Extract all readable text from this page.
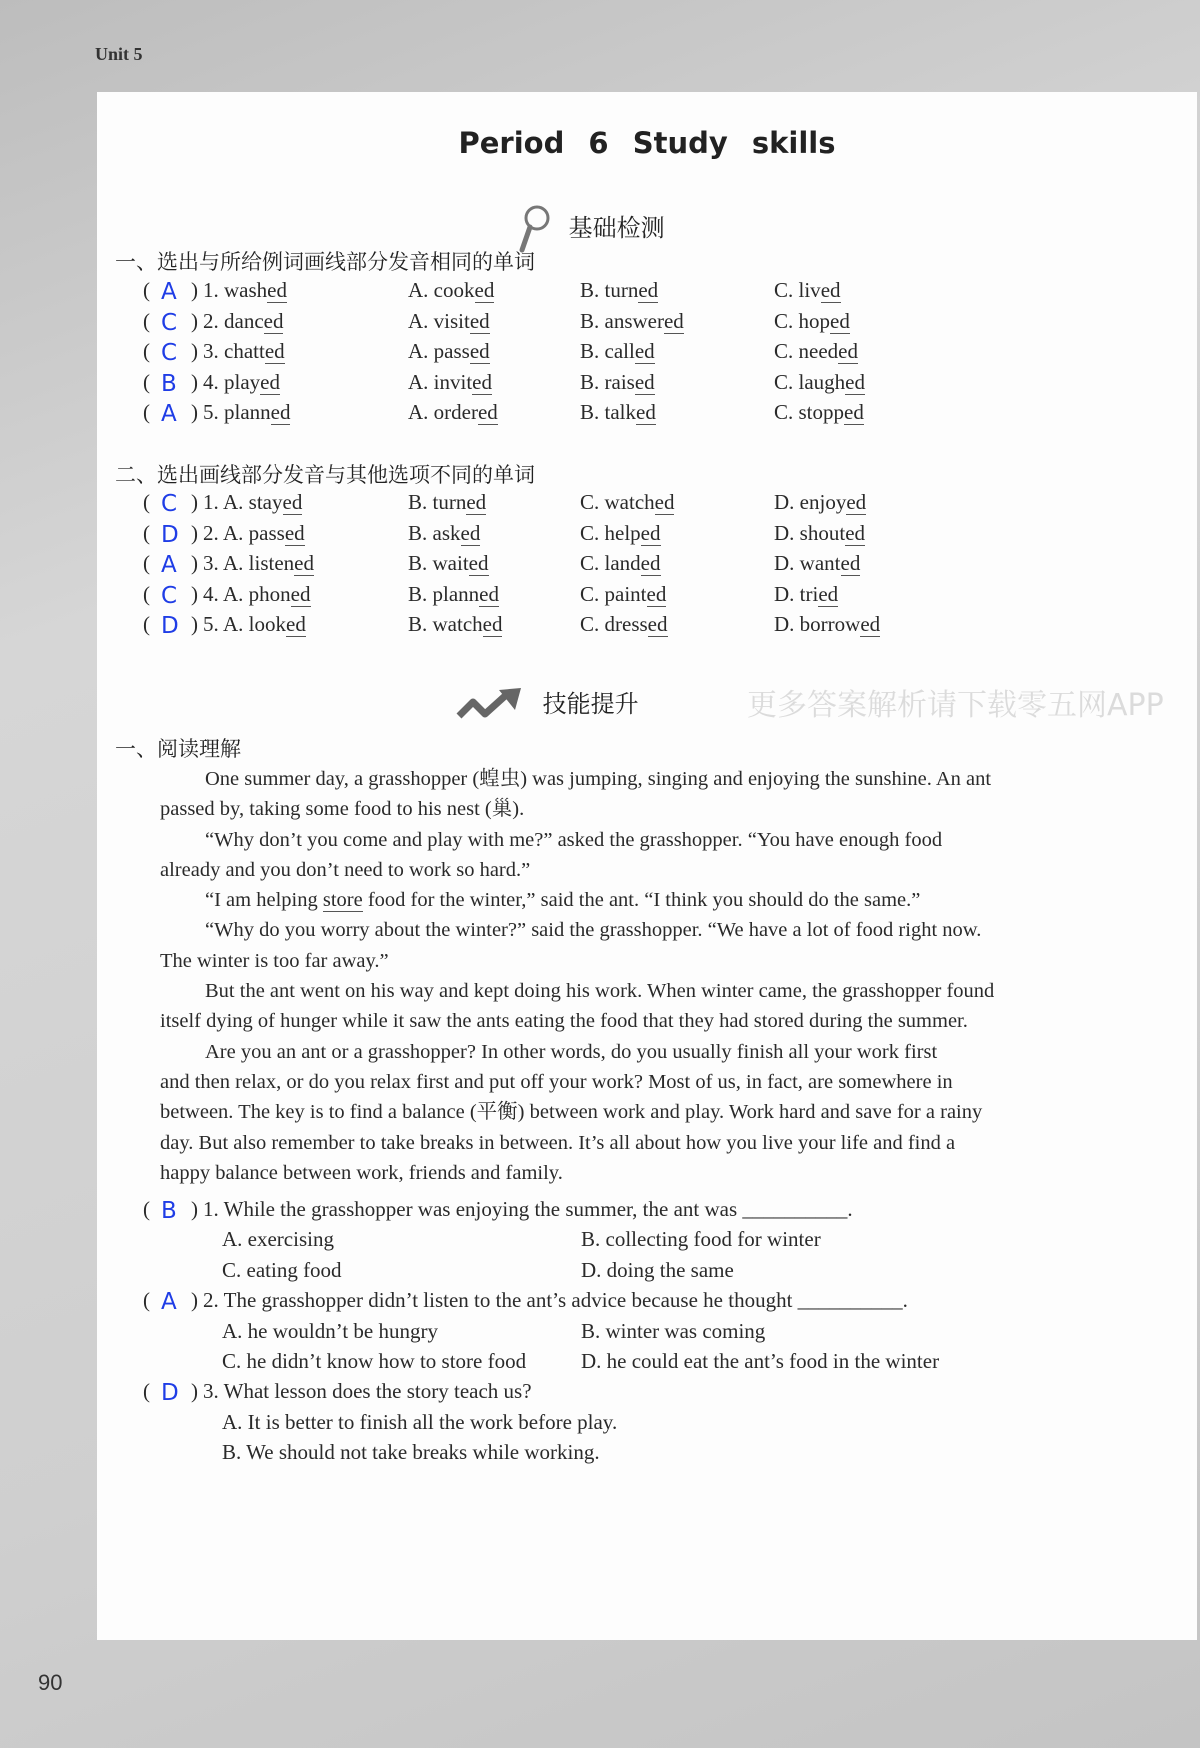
Unit 5
90
Period 6 Study skills
基础检测
一、选出与所给例词画线部分发音相同的单词
( A ) 1. washed	A. cooked	B. turned	C. lived
( C ) 2. danced	A. visited	B. answered	C. hoped
( C ) 3. chatted	A. passed	B. called	C. needed
( B ) 4. played	A. invited	B. raised	C. laughed
( A ) 5. planned	A. ordered	B. talked	C. stopped
二、选出画线部分发音与其他选项不同的单词
( C ) 1. A. stayed	B. turned	C. watched	D. enjoyed
( D ) 2. A. passed	B. asked	C. helped	D. shouted
( A ) 3. A. listened	B. waited	C. landed	D. wanted
( C ) 4. A. phoned	B. planned	C. painted	D. tried
( D ) 5. A. looked	B. watched	C. dressed	D. borrowed
技能提升
一、阅读理解
One summer day, a grasshopper (蝗虫) was jumping, singing and enjoying the sunshine. An ant
passed by, taking some food to his nest (巢).
“Why don’t you come and play with me?” asked the grasshopper. “You have enough food
already and you don’t need to work so hard.”
“I am helping store food for the winter,” said the ant. “I think you should do the same.”
“Why do you worry about the winter?” said the grasshopper. “We have a lot of food right now.
The winter is too far away.”
But the ant went on his way and kept doing his work. When winter came, the grasshopper found
itself dying of hunger while it saw the ants eating the food that they had stored during the summer.
Are you an ant or a grasshopper? In other words, do you usually finish all your work first
and then relax, or do you relax first and put off your work? Most of us, in fact, are somewhere in
between. The key is to find a balance (平衡) between work and play. Work hard and save for a rainy
day. But also remember to take breaks in between. It’s all about how you live your life and find a
happy balance between work, friends and family.
( B ) 1. While the grasshopper was enjoying the summer, the ant was __________.
A. exercising	B. collecting food for winter
C. eating food	D. doing the same
( A ) 2. The grasshopper didn’t listen to the ant’s advice because he thought __________.
A. he wouldn’t be hungry	B. winter was coming
C. he didn’t know how to store food	D. he could eat the ant’s food in the winter
( D ) 3. What lesson does the story teach us?
A. It is better to finish all the work before play.
B. We should not take breaks while working.
更多答案解析请下载零五网APP
